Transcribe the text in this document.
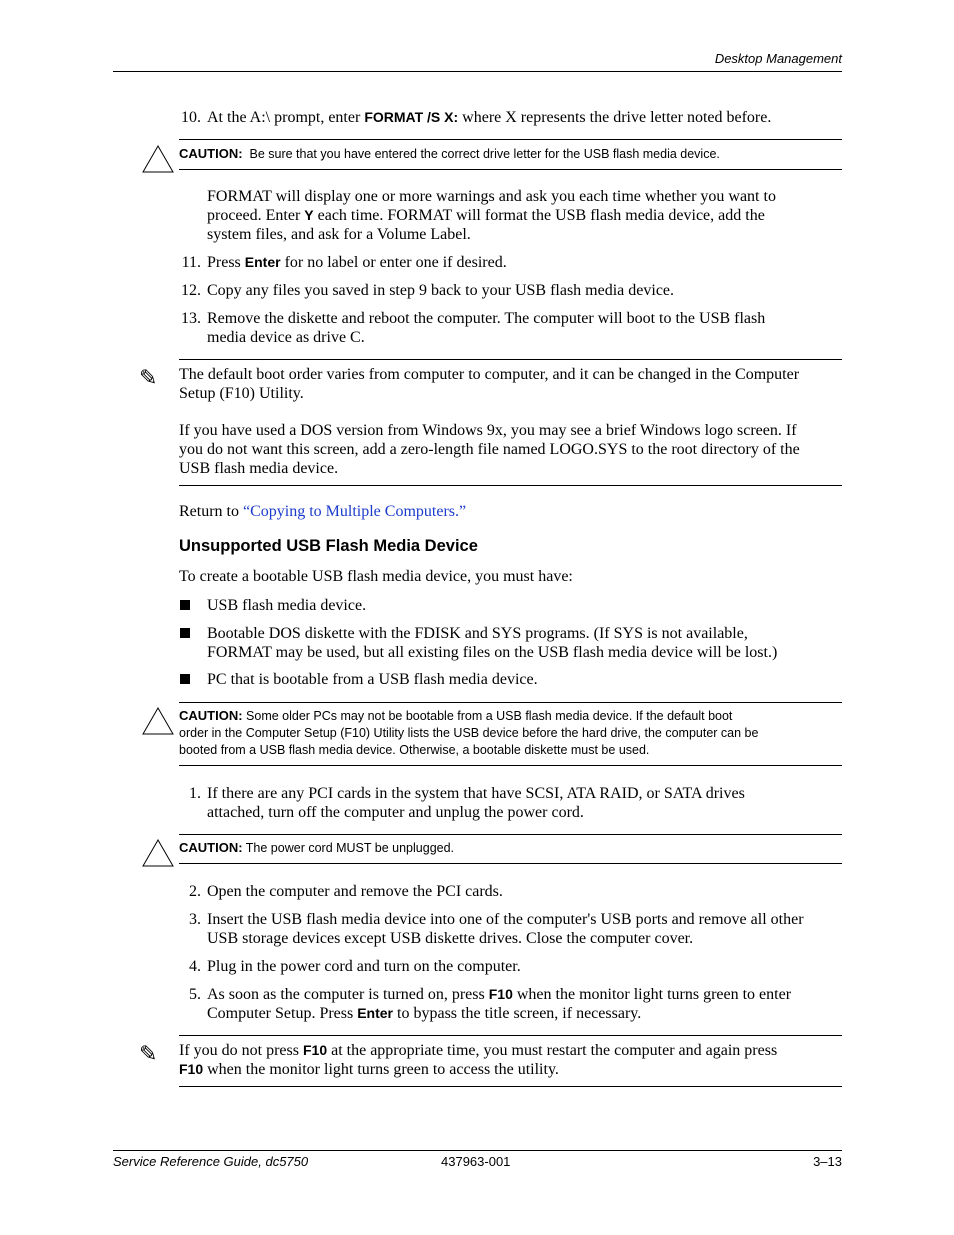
Desktop Management
10. At the A:\ prompt, enter FORMAT /S X: where X represents the drive letter noted before.
CAUTION: Be sure that you have entered the correct drive letter for the USB flash media device.
FORMAT will display one or more warnings and ask you each time whether you want to
proceed. Enter Y each time. FORMAT will format the USB flash media device, add the
system files, and ask for a Volume Label.
11. Press Enter for no label or enter one if desired.
12. Copy any files you saved in step 9 back to your USB flash media device.
13. Remove the diskette and reboot the computer. The computer will boot to the USB flash
media device as drive C.
✎ The default boot order varies from computer to computer, and it can be changed in the Computer
Setup (F10) Utility.
If you have used a DOS version from Windows 9x, you may see a brief Windows logo screen. If
you do not want this screen, add a zero-length file named LOGO.SYS to the root directory of the
USB flash media device.
Return to “Copying to Multiple Computers.”
Unsupported USB Flash Media Device
To create a bootable USB flash media device, you must have:
USB flash media device.
Bootable DOS diskette with the FDISK and SYS programs. (If SYS is not available,
FORMAT may be used, but all existing files on the USB flash media device will be lost.)
PC that is bootable from a USB flash media device.
CAUTION: Some older PCs may not be bootable from a USB flash media device. If the default boot
order in the Computer Setup (F10) Utility lists the USB device before the hard drive, the computer can be
booted from a USB flash media device. Otherwise, a bootable diskette must be used.
1. If there are any PCI cards in the system that have SCSI, ATA RAID, or SATA drives
attached, turn off the computer and unplug the power cord.
CAUTION: The power cord MUST be unplugged.
2. Open the computer and remove the PCI cards.
3. Insert the USB flash media device into one of the computer's USB ports and remove all other
USB storage devices except USB diskette drives. Close the computer cover.
4. Plug in the power cord and turn on the computer.
5. As soon as the computer is turned on, press F10 when the monitor light turns green to enter
Computer Setup. Press Enter to bypass the title screen, if necessary.
✎ If you do not press F10 at the appropriate time, you must restart the computer and again press
F10 when the monitor light turns green to access the utility.
Service Reference Guide, dc5750	437963-001	3–13
